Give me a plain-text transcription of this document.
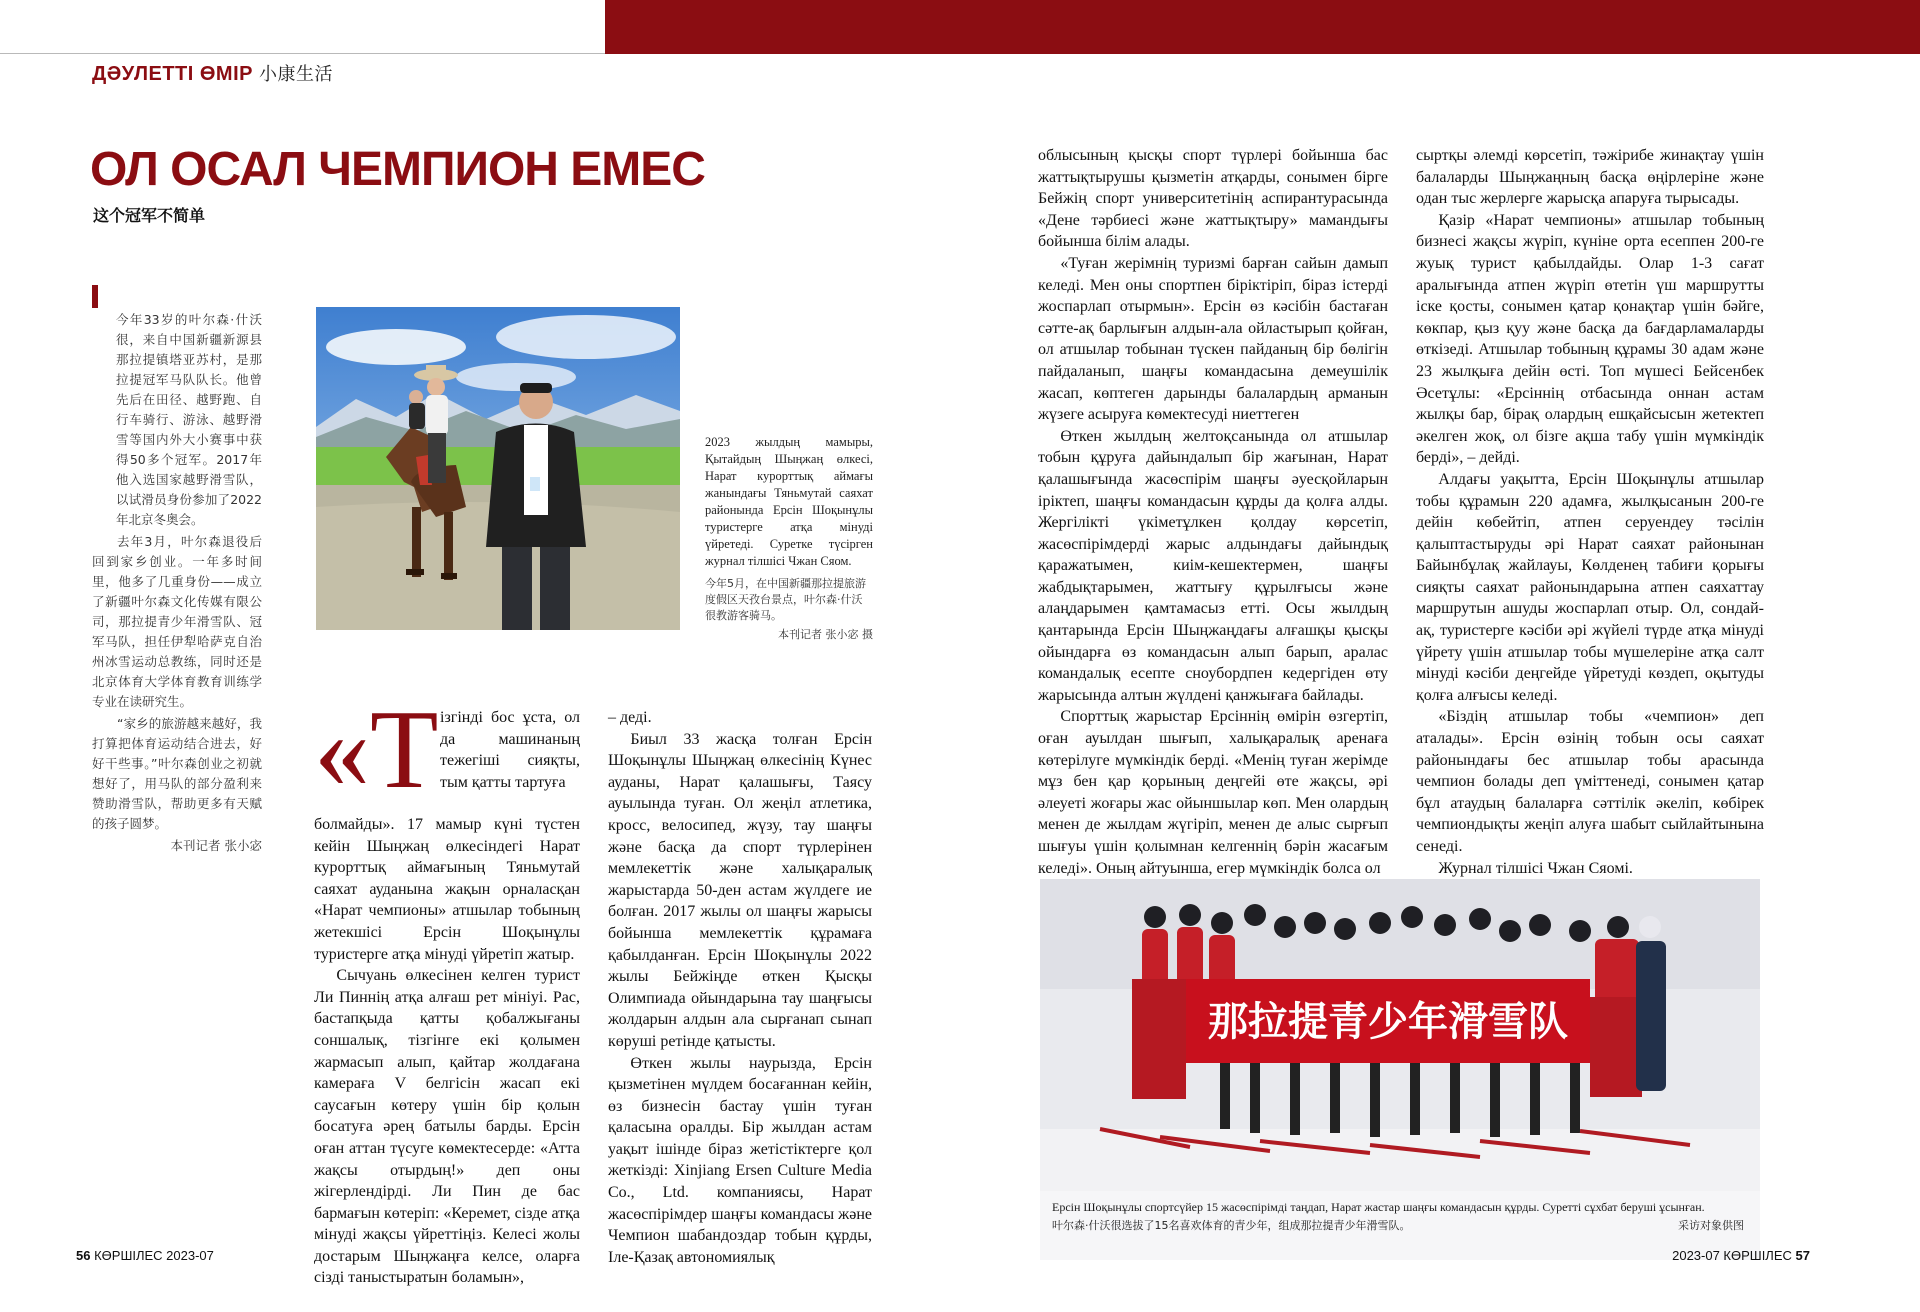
ДӘУЛЕТТІ ӨМІР 小康生活
ОЛ ОСАЛ ЧЕМПИОН ЕМЕС
这个冠军不简单

今年33岁的叶尔森·什沃很，来自中国新疆新源县那拉提镇塔亚苏村，是那拉提冠军马队队长。他曾先后在田径、越野跑、自行车骑行、游泳、越野滑雪等国内外大小赛事中获得50多个冠军。2017年他入选国家越野滑雪队，以试滑员身份参加了2022年北京冬奥会。

去年3月，叶尔森退役后回到家乡创业。一年多时间里，他多了几重身份——成立了新疆叶尔森文化传媒有限公司，那拉提青少年滑雪队、冠军马队，担任伊犁哈萨克自治州冰雪运动总教练，同时还是北京体育大学体育教育训练学专业在读研究生。

“家乡的旅游越来越好，我打算把体育运动结合进去，好好干些事。”叶尔森创业之初就想好了，用马队的部分盈利来赞助滑雪队，帮助更多有天赋的孩子圆梦。

本刊记者 张小宓

2023 жылдың мамыры, Қытайдың Шыңжаң өлкесі, Нарат курорттық аймағы жанындағы Тяньмутай саяхат районында Ерсін Шоқынұлы туристерге атқа мінуді үйретеді. Суретке түсірген журнал тілшісі Чжан Сяом.

今年5月，在中国新疆那拉提旅游度假区天孜台景点，叶尔森·什沃很教游客骑马。

本刊记者 张小宓 摄

«Т ізгінді бос ұста, ол да машинаның тежегіші сияқты, тым қатты тартуға

болмайды». 17 мамыр күні түстен кейін Шыңжаң өлкесіндегі Нарат курорттық аймағының Тяньмутай саяхат ауданына жақын орналасқан «Нарат чемпионы» атшылар тобының жетекшісі Ерсін Шоқынұлы туристерге атқа мінуді үйретіп жатыр.

Сычуань өлкесінен келген турист Ли Пиннің атқа алғаш рет мініуі. Рас, бастапқыда қатты қобалжығаны соншалық, тізгінге екі қолымен жармасып алып, қайтар жолдағана камераға V белгісін жасап екі саусағын көтеру үшін бір қолын босатуға әрең батылы барды. Ерсін оған аттан түсуге көмектесерде: «Атта жақсы отырдың!» деп оны жігерлендірді. Ли Пин де бас бармағын көтеріп: «Керемет, сізде атқа мінуді жақсы үйреттіңіз. Келесі жолы достарым Шыңжаңға келсе, оларға сізді таныстыратын боламын»,

– деді.

Биыл 33 жасқа толған Ерсін Шоқынұлы Шыңжаң өлкесінің Күнес ауданы, Нарат қалашығы, Таясу ауылында туған. Ол жеңіл атлетика, кросс, велосипед, жүзу, тау шаңғы және басқа да спорт түрлерінен мемлекеттік және халықаралық жарыстарда 50-ден астам жүлдеге ие болған. 2017 жылы ол шаңғы жарысы бойынша мемлекеттік құрамаға қабылданған. Ерсін Шоқынұлы 2022 жылы Бейжіңде өткен Қысқы Олимпиада ойындарына тау шаңғысы жолдарын алдын ала сырғанап сынап көруші ретінде қатысты.

Өткен жылы наурызда, Ерсін қызметінен мүлдем босағаннан кейін, өз бизнесін бастау үшін туған қаласына оралды. Бір жылдан астам уақыт ішінде біраз жетістіктерге қол жеткізді: Xinjiang Ersen Culture Media Co., Ltd. компаниясы, Нарат жасөспірімдер шаңғы командасы және Чемпион шабандоздар тобын құрды, Іле-Қазақ автономиялық

облысының қысқы спорт түрлері бойынша бас жаттықтырушы қызметін атқарды, сонымен бірге Бейжің спорт университетінің аспирантурасында «Дене тәрбиесі және жаттықтыру» мамандығы бойынша білім алады.

«Туған жерімнің туризмі барған сайын дамып келеді. Мен оны спортпен біріктіріп, біраз істерді жоспарлап отырмын». Ерсін өз кәсібін бастаған сәтте-ақ барлығын алдын-ала ойластырып қойған, ол атшылар тобынан түскен пайданың бір бөлігін пайдаланып, шаңғы командасына демеушілік жасап, көптеген дарынды балалардың арманын жүзеге асыруға көмектесуді ниеттеген

Өткен жылдың желтоқсанында ол атшылар тобын құруға дайындалып бір жағынан, Нарат қалашығында жасөспірім шаңғы әуесқойларын іріктеп, шаңғы командасын құрды да қолға алды. Жергілікті үкіметұлкен қолдау көрсетіп, жасөспірімдерді жарыс алдындағы дайындық қаражатымен, киім-кешектермен, шаңғы жабдықтарымен, жаттығу құрылғысы және алаңдарымен қамтамасыз етті. Осы жылдың қантарында Ерсін Шыңжаңдағы алғашқы қысқы ойындарға өз командасын алып барып, аралас командалық есепте сноубордпен кедергіден өту жарысында алтын жүлдені қанжығаға байлады.

Спорттық жарыстар Ерсіннің өмірін өзгертіп, оған ауылдан шығып, халықаралық аренаға көтерілуге мүмкіндік берді. «Менің туған жерімде мұз бен қар қорының деңгейі өте жақсы, әрі әлеуеті жоғары жас ойыншылар көп. Мен олардың менен де жылдам жүгіріп, менен де алыс сырғып шығуы үшін қолымнан келгеннің бәрін жасағым келеді». Оның айтуынша, егер мүмкіндік болса ол

сыртқы әлемді көрсетіп, тәжірибе жинақтау үшін балаларды Шыңжаңның басқа өңірлеріне және одан тыс жерлерге жарысқа апаруға тырысады.

Қазір «Нарат чемпионы» атшылар тобының бизнесі жақсы жүріп, күніне орта есеппен 200-ге жуық турист қабылдайды. Олар 1-3 сағат аралығында атпен жүріп өтетін үш маршрутты іске қосты, сонымен қатар қонақтар үшін бәйге, көкпар, қыз қуу және басқа да бағдарламаларды өткізеді. Атшылар тобының құрамы 30 адам және 23 жылқыға дейін өсті. Топ мүшесі Бейсенбек Әсетұлы: «Ерсіннің отбасында оннан астам жылқы бар, бірақ олардың ешқайсысын жетектеп әкелген жоқ, ол бізге ақша табу үшін мүмкіндік берді», – дейді.

Алдағы уақытта, Ерсін Шоқынұлы атшылар тобы құрамын 220 адамға, жылқысанын 200-ге дейін көбейтіп, атпен серуендеу тәсілін қалыптастыруды әрі Нарат саяхат районынан Байынбұлақ жайлауы, Көлденең табиғи қорығы сияқты саяхат районындарына атпен саяхаттау маршрутын ашуды жоспарлап отыр. Ол, сондай-ақ, туристерге кәсіби әрі жүйелі түрде атқа мінуді үйрету үшін атшылар тобы мүшелеріне атқа салт мінуді кәсіби деңгейде үйретуді көздеп, оқытуды қолға алғысы келеді.

«Біздің атшылар тобы «чемпион» деп аталады». Ерсін өзінің тобын осы саяхат районындағы бес атшылар тобы арасында чемпион болады деп үміттенеді, сонымен қатар бұл атаудың балаларға сәттілік әкеліп, көбірек чемпиондықты жеңіп алуға шабыт сыйлайтынына сенеді.

Журнал тілшісі Чжан Сяомі.

那拉提青少年滑雪队
Ерсін Шоқынұлы спортсүйер 15 жасөспірімді таңдап, Нарат жастар шаңғы командасын құрды. Суретті сұхбат беруші ұсынған.
叶尔森·什沃很选拔了15名喜欢体育的青少年，组成那拉提青少年滑雪队。	采访对象供图
56 КӨРШІЛЕС 2023-07	2023-07 КӨРШІЛЕС 57
